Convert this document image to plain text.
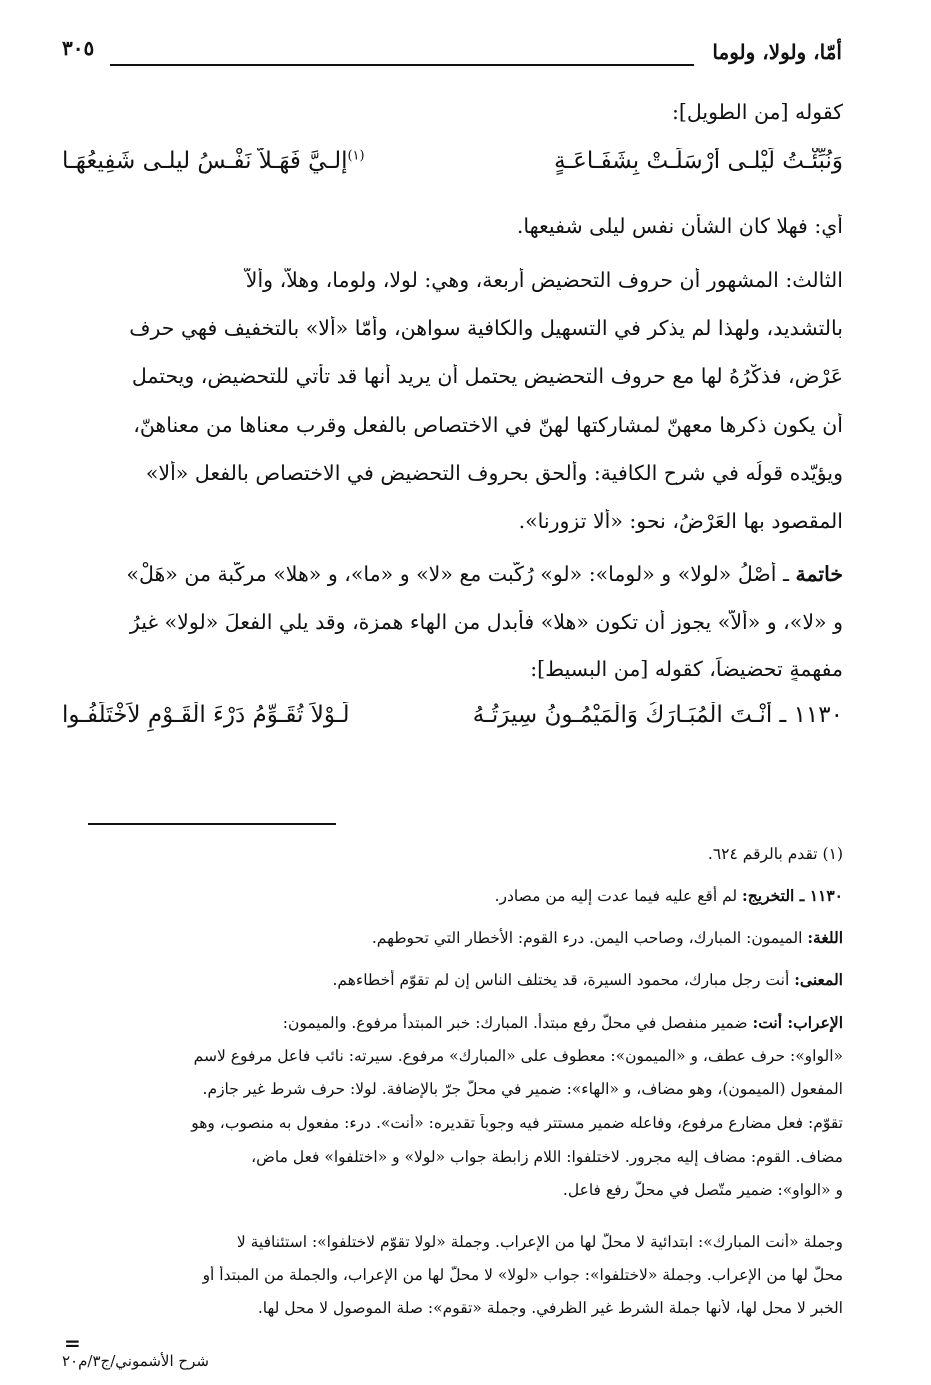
أمّا، ولولا، ولوما
٣٠٥
كقوله [من الطويل]:
وَنُبِّئْـتُ لَيْلـى أَرْسَلَـتْ بِشَفَـاعَـةٍ
$^{(١)}$إلـيَّ فَهَـلاَّ نَفْـسُ ليلـى شَفِيعُهَـا
أي: فهلا كان الشأن نفس ليلى شفيعها.
الثالث: المشهور أن حروف التحضيض أربعة، وهي: لولا، ولوما، وهلاّ، وألاّ
بالتشديد، ولهذا لم يذكر في التسهيل والكافية سواهن، وأمّا «ألا» بالتخفيف فهي حرف
عَرْض، فذكْرُهُ لها مع حروف التحضيض يحتمل أن يريد أنها قد تأتي للتحضيض، ويحتمل
أن يكون ذكرها معهنّ لمشاركتها لهنّ في الاختصاص بالفعل وقرب معناها من معناهنّ،
ويؤيّده قولُه في شرح الكافية: وألحق بحروف التحضيض في الاختصاص بالفعل «ألا»
المقصود بها العَرْضُ، نحو: «ألا تزورنا».
خاتمة ـ أصْلُ «لولا» و «لوما»: «لو» رُكّبت مع «لا» و «ما»، و «هلا» مركّبة من «هَلْ»
و «لا»، و «ألاّ» يجوز أن تكون «هلا» فأبدل من الهاء همزة، وقد يلي الفعلَ «لولا» غيرُ
مفهمةٍ تحضيضاً، كقوله [من البسيط]:
١١٣٠ ـ أَنْـتَ الْمُبَـارَكُ وَالْمَيْمُـونُ سِيرَتُـهُ
لَـوْلاَ تُقَـوِّمُ دَرْءَ الْقَـوْمِ لاَخْتَلَفُـوا
(١) تقدم بالرقم ٦٢٤.
١١٣٠ ـ التخريج: لم أقع عليه فيما عدت إليه من مصادر.
اللغة: الميمون: المبارك، وصاحب اليمن. درء القوم: الأخطار التي تحوطهم.
المعنى: أنت رجل مبارك، محمود السيرة، قد يختلف الناس إن لم تقوّم أخطاءهم.
الإعراب: أنت: ضمير منفصل في محلّ رفع مبتدأ. المبارك: خبر المبتدأ مرفوع. والميمون:
«الواو»: حرف عطف، و «الميمون»: معطوف على «المبارك» مرفوع. سيرته: نائب فاعل مرفوع لاسم
المفعول (الميمون)، وهو مضاف، و «الهاء»: ضمير في محلّ جرّ بالإضافة. لولا: حرف شرط غير جازم.
تقوّم: فعل مضارع مرفوع، وفاعله ضمير مستتر فيه وجوباً تقديره: «أنت». درء: مفعول به منصوب، وهو
مضاف. القوم: مضاف إليه مجرور. لاختلفوا: اللام زابطة جواب «لولا» و «اختلفوا» فعل ماضٍ،
و «الواو»: ضمير متّصل في محلّ رفع فاعل.
وجملة «أنت المبارك»: ابتدائية لا محلّ لها من الإعراب. وجملة «لولا تقوّم لاختلفوا»: استئنافية لا
محلّ لها من الإعراب. وجملة «لاختلفوا»: جواب «لولا» لا محلّ لها من الإعراب، والجملة من المبتدأ أو
الخبر لا محل لها، لأنها جملة الشرط غير الظرفي. وجملة «تقوم»: صلة الموصول لا محل لها.
=
شرح الأشموني/ج٣/م٢٠
